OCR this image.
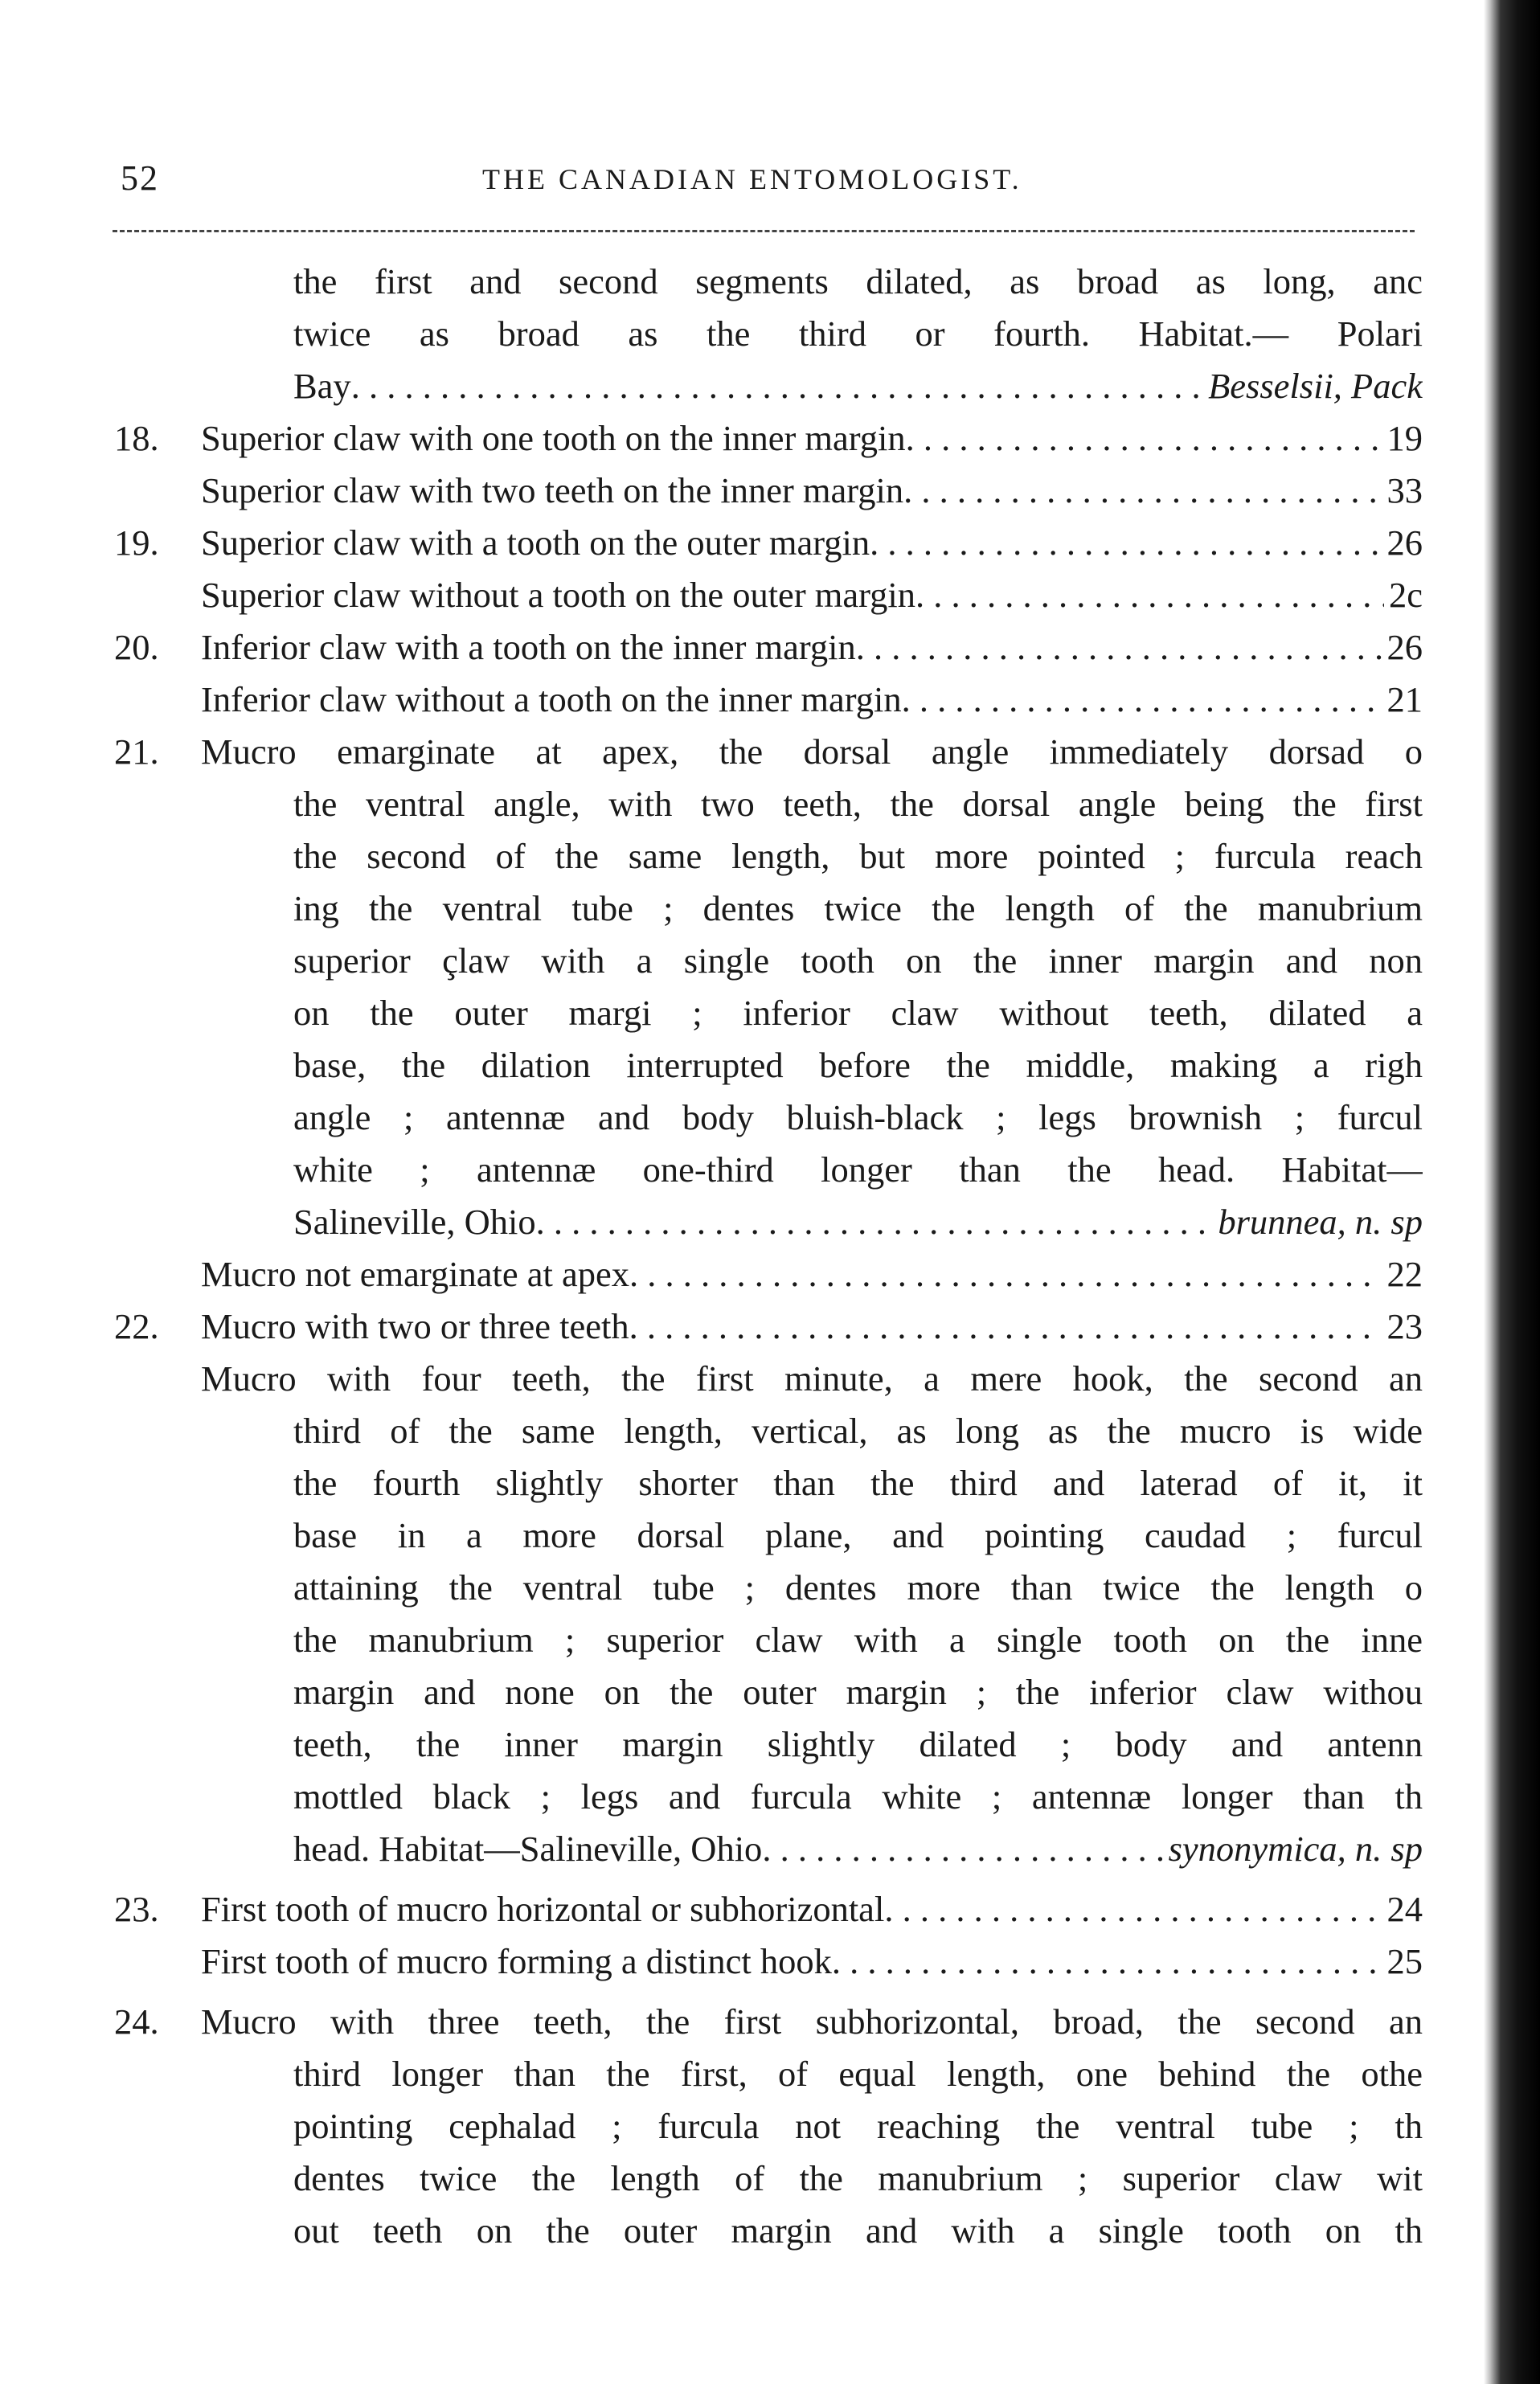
52	THE CANADIAN ENTOMOLOGIST.
the first and second segments dilated, as broad as long, anc
twice as broad as the third or fourth. Habitat.— Polari
Bay . . .	Besselsii, Pack
18.	Superior claw with one tooth on the inner margin . . .	19
Superior claw with two teeth on the inner margin . . .	33
19.	Superior claw with a tooth on the outer margin . . .	26
Superior claw without a tooth on the outer margin . . .	2c
20.	Inferior claw with a tooth on the inner margin . . .	26
Inferior claw without a tooth on the inner margin . . .	21
21.	Mucro emarginate at apex, the dorsal angle immediately dorsad o
the ventral angle, with two teeth, the dorsal angle being the first
the second of the same length, but more pointed ; furcula reach
ing the ventral tube ; dentes twice the length of the manubrium
superior çlaw with a single tooth on the inner margin and non
on the outer margi ; inferior claw without teeth, dilated a
base, the dilation interrupted before the middle, making a righ
angle ; antennæ and body bluish-black ; legs brownish ; furcul
white ; antennæ one-third longer than the head. Habitat—
Salineville, Ohio . . .	brunnea, n. sp
Mucro not emarginate at apex . . .	22
22.	Mucro with two or three teeth . . .	23
Mucro with four teeth, the first minute, a mere hook, the second an
third of the same length, vertical, as long as the mucro is wide
the fourth slightly shorter than the third and laterad of it, it
base in a more dorsal plane, and pointing caudad ; furcul
attaining the ventral tube ; dentes more than twice the length o
the manubrium ; superior claw with a single tooth on the inne
margin and none on the outer margin ; the inferior claw withou
teeth, the inner margin slightly dilated ; body and antenn
mottled black ; legs and furcula white ; antennæ longer than th
head. Habitat—Salineville, Ohio . . .	synonymica, n. sp
23.	First tooth of mucro horizontal or subhorizontal . . .	24
First tooth of mucro forming a distinct hook . . .	25
24.	Mucro with three teeth, the first subhorizontal, broad, the second an
third longer than the first, of equal length, one behind the othe
pointing cephalad ; furcula not reaching the ventral tube ; th
dentes twice the length of the manubrium ; superior claw wit
out teeth on the outer margin and with a single tooth on th
